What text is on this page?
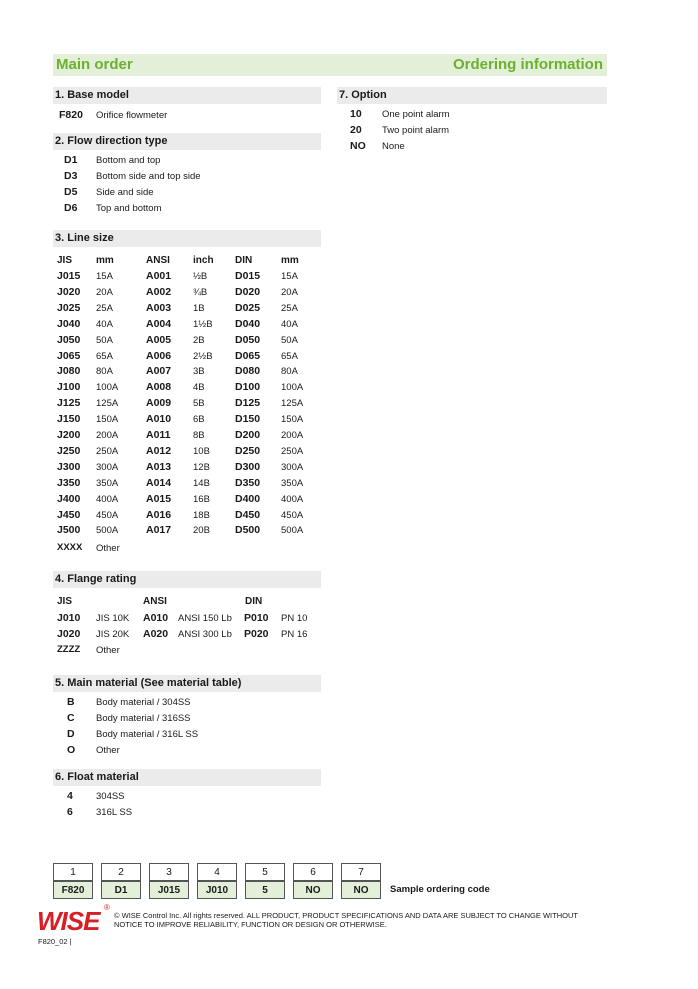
Main order	Ordering information
1. Base model
F820 Orifice flowmeter
2. Flow direction type
D1 Bottom and top
D3 Bottom side and top side
D5 Side and side
D6 Top and bottom
3. Line size
JIS mm	ANSI inch DIN	mm
J015 15A	A001 ½B	D015 15A
J020 20A	A002 ¾B	D020 20A
J025 25A	A003 1B	D025 25A
J040 40A	A004 1½B D040 40A
J050 50A	A005 2B	D050 50A
J065 65A	A006 2½B D065 65A
J080 80A	A007 3B	D080 80A
J100 100A	A008 4B	D100 100A
J125 125A	A009 5B	D125 125A
J150 150A	A010 6B	D150 150A
J200 200A	A011 8B	D200 200A
J250 250A	A012 10B D250 250A
J300 300A	A013 12B D300 300A
J350 350A	A014 14B D350 350A
J400 400A	A015 16B D400 400A
J450 450A	A016 18B D450 450A
J500 500A	A017 20B D500 500A
XXXX Other
4. Flange rating
JIS	ANSI	DIN
J010 JIS 10K A010 ANSI 150 Lb P010 PN 10
J020 JIS 20K A020 ANSI 300 Lb P020 PN 16
ZZZZ Other
5. Main material (See material table)
B Body material / 304SS
C Body material / 316SS
D Body material / 316L SS
O Other
6. Float material
4 304SS
6 316L SS
7. Option
10 One point alarm
20 Two point alarm
NO None
1
F820
2
D1
3
J015
4
J010
5
5
6
NO
7
NO	Sample ordering code
WISE ®
© WISE Control Inc. All rights reserved. ALL PRODUCT, PRODUCT SPECIFICATIONS AND DATA ARE SUBJECT TO CHANGE WITHOUT NOTICE TO IMPROVE RELIABILITY, FUNCTION OR DESIGN OR OTHERWISE.
F820_02 |
